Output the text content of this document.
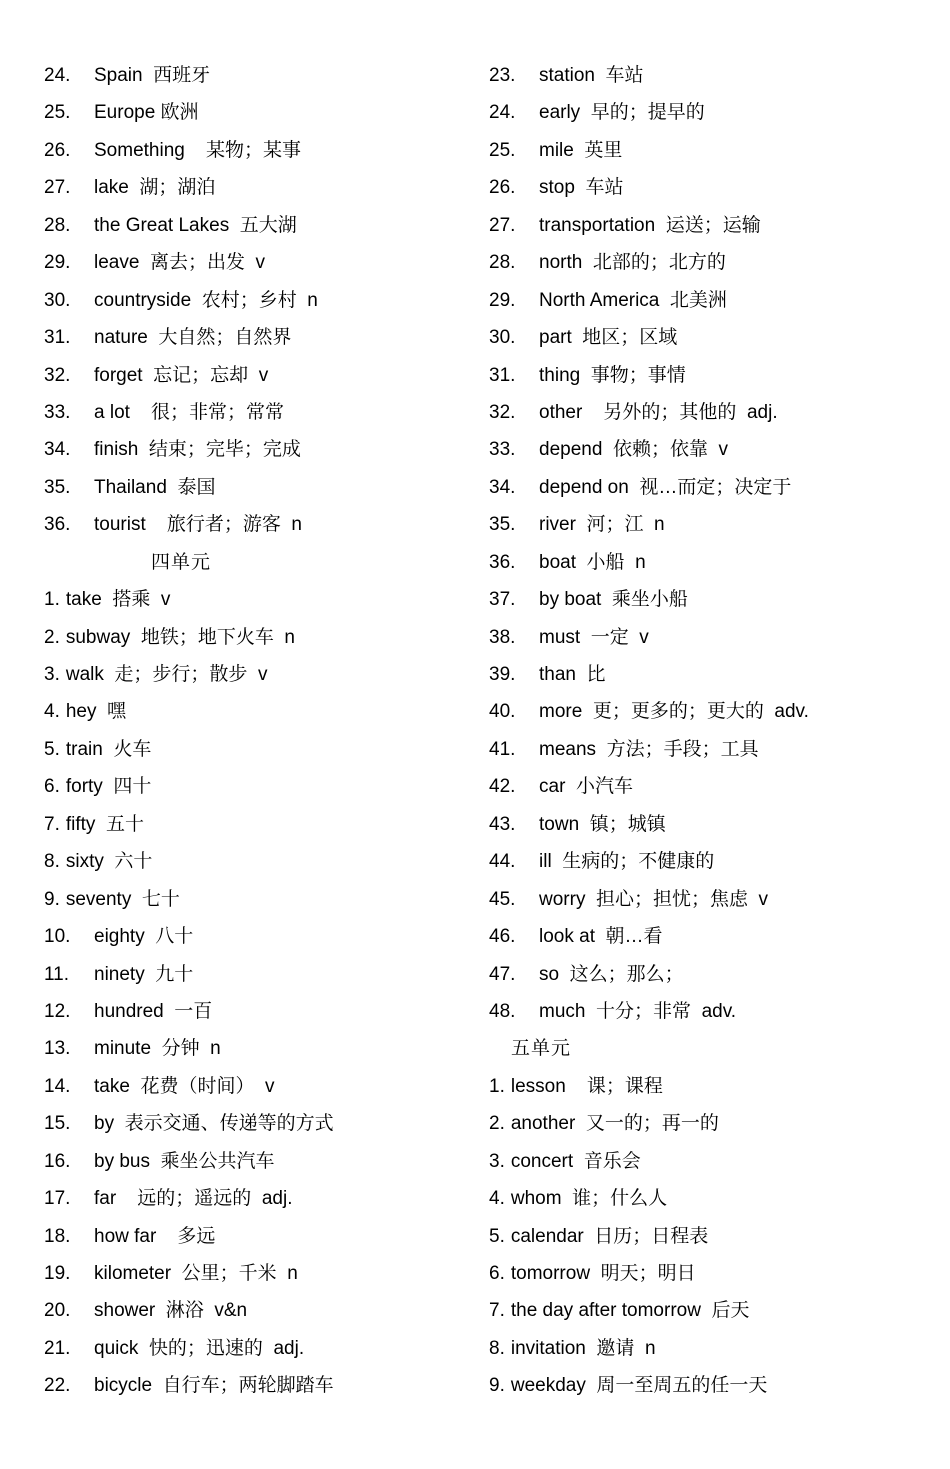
24.	Spain  西班牙
25.	Europe 欧洲
26.	Something    某物；某事
27.	lake  湖；湖泊
28.	the Great Lakes  五大湖
29.	leave  离去；出发  v
30.	countryside  农村；乡村  n
31.	nature  大自然；自然界
32.	forget  忘记；忘却  v
33.	a lot    很；非常；常常
34.	finish  结束；完毕；完成
35.	Thailand  泰国
36.	tourist    旅行者；游客  n
四单元
1. take  搭乘  v
2. subway  地铁；地下火车  n
3. walk  走；步行；散步  v
4. hey  嘿
5. train  火车
6. forty  四十
7. fifty  五十
8. sixty  六十
9. seventy  七十
10.	eighty  八十
11.	ninety  九十
12.	hundred  一百
13.	minute  分钟  n
14.	take  花费（时间）  v
15.	by  表示交通、传递等的方式
16.	by bus  乘坐公共汽车
17.	far    远的；遥远的  adj.
18.	how far    多远
19.	kilometer  公里；千米  n
20.	shower  淋浴  v&n
21.	quick  快的；迅速的  adj.
22.	bicycle  自行车；两轮脚踏车
23.	station  车站
24.	early  早的；提早的
25.	mile  英里
26.	stop  车站
27.	transportation  运送；运输
28.	north  北部的；北方的
29.	North America  北美洲
30.	part  地区；区域
31.	thing  事物；事情
32.	other    另外的；其他的  adj.
33.	depend  依赖；依靠  v
34.	depend on  视…而定；决定于
35.	river  河；江  n
36.	boat  小船  n
37.	by boat  乘坐小船
38.	must  一定  v
39.	than  比
40.	more  更；更多的；更大的  adv.
41.	means  方法；手段；工具
42.	car  小汽车
43.	town  镇；城镇
44.	ill  生病的；不健康的
45.	worry  担心；担忧；焦虑  v
46.	look at  朝…看
47.	so  这么；那么；
48.	much  十分；非常  adv.
五单元
1. lesson    课；课程
2. another  又一的；再一的
3. concert  音乐会
4. whom  谁；什么人
5. calendar  日历；日程表
6. tomorrow  明天；明日
7. the day after tomorrow  后天
8. invitation  邀请  n
9. weekday  周一至周五的任一天
